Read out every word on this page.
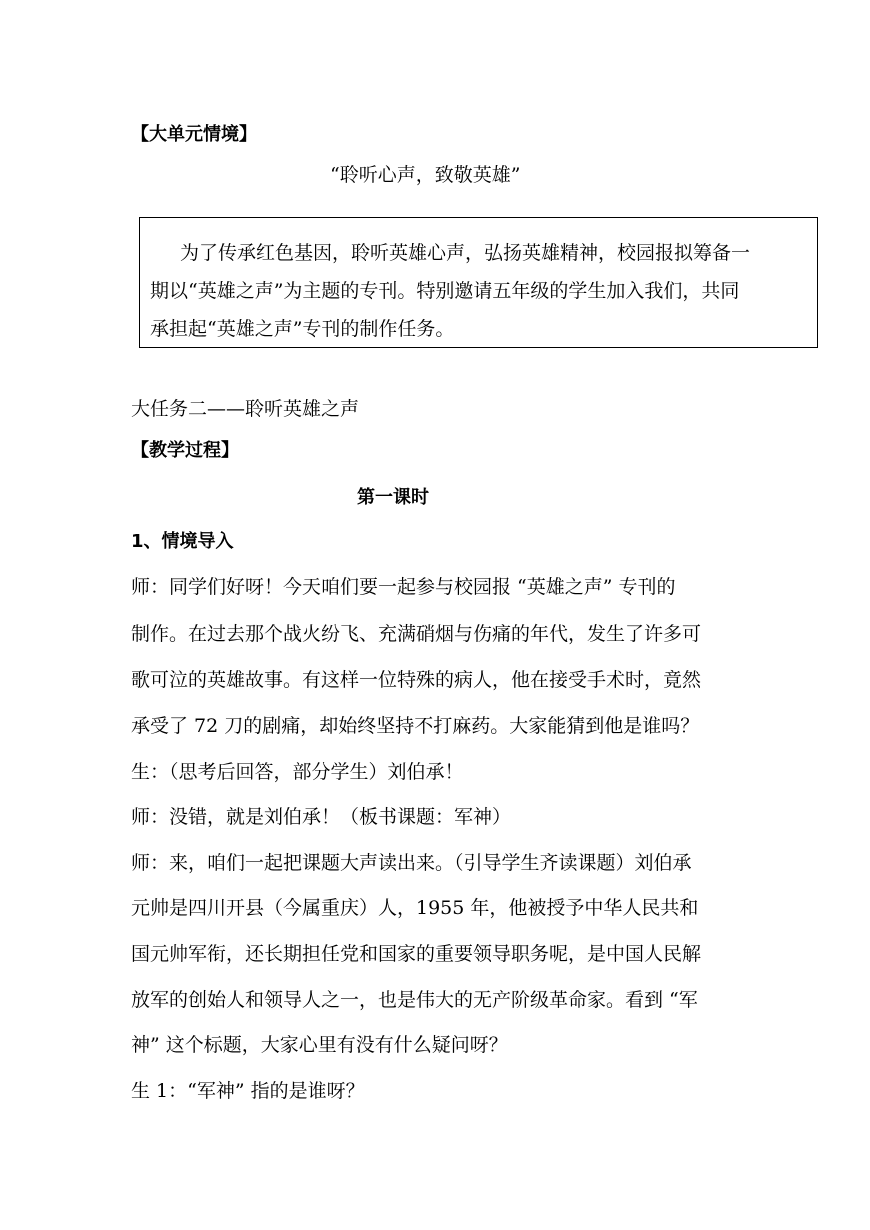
【大单元情境】
“聆听心声，致敬英雄”
为了传承红色基因，聆听英雄心声，弘扬英雄精神，校园报拟筹备一
期以“英雄之声”为主题的专刊。特别邀请五年级的学生加入我们，共同
承担起“英雄之声”专刊的制作任务。
大任务二——聆听英雄之声
【教学过程】
第一课时
1、情境导入
师：同学们好呀！今天咱们要一起参与校园报 “英雄之声” 专刊的
制作。在过去那个战火纷飞、充满硝烟与伤痛的年代，发生了许多可
歌可泣的英雄故事。有这样一位特殊的病人，他在接受手术时，竟然
承受了 72 刀的剧痛，却始终坚持不打麻药。大家能猜到他是谁吗？
生：（思考后回答，部分学生）刘伯承！
师：没错，就是刘伯承！（板书课题：军神）
师：来，咱们一起把课题大声读出来。（引导学生齐读课题）刘伯承
元帅是四川开县（今属重庆）人，1955 年，他被授予中华人民共和
国元帅军衔，还长期担任党和国家的重要领导职务呢，是中国人民解
放军的创始人和领导人之一，也是伟大的无产阶级革命家。看到 “军
神” 这个标题，大家心里有没有什么疑问呀？
生 1：“军神” 指的是谁呀？
